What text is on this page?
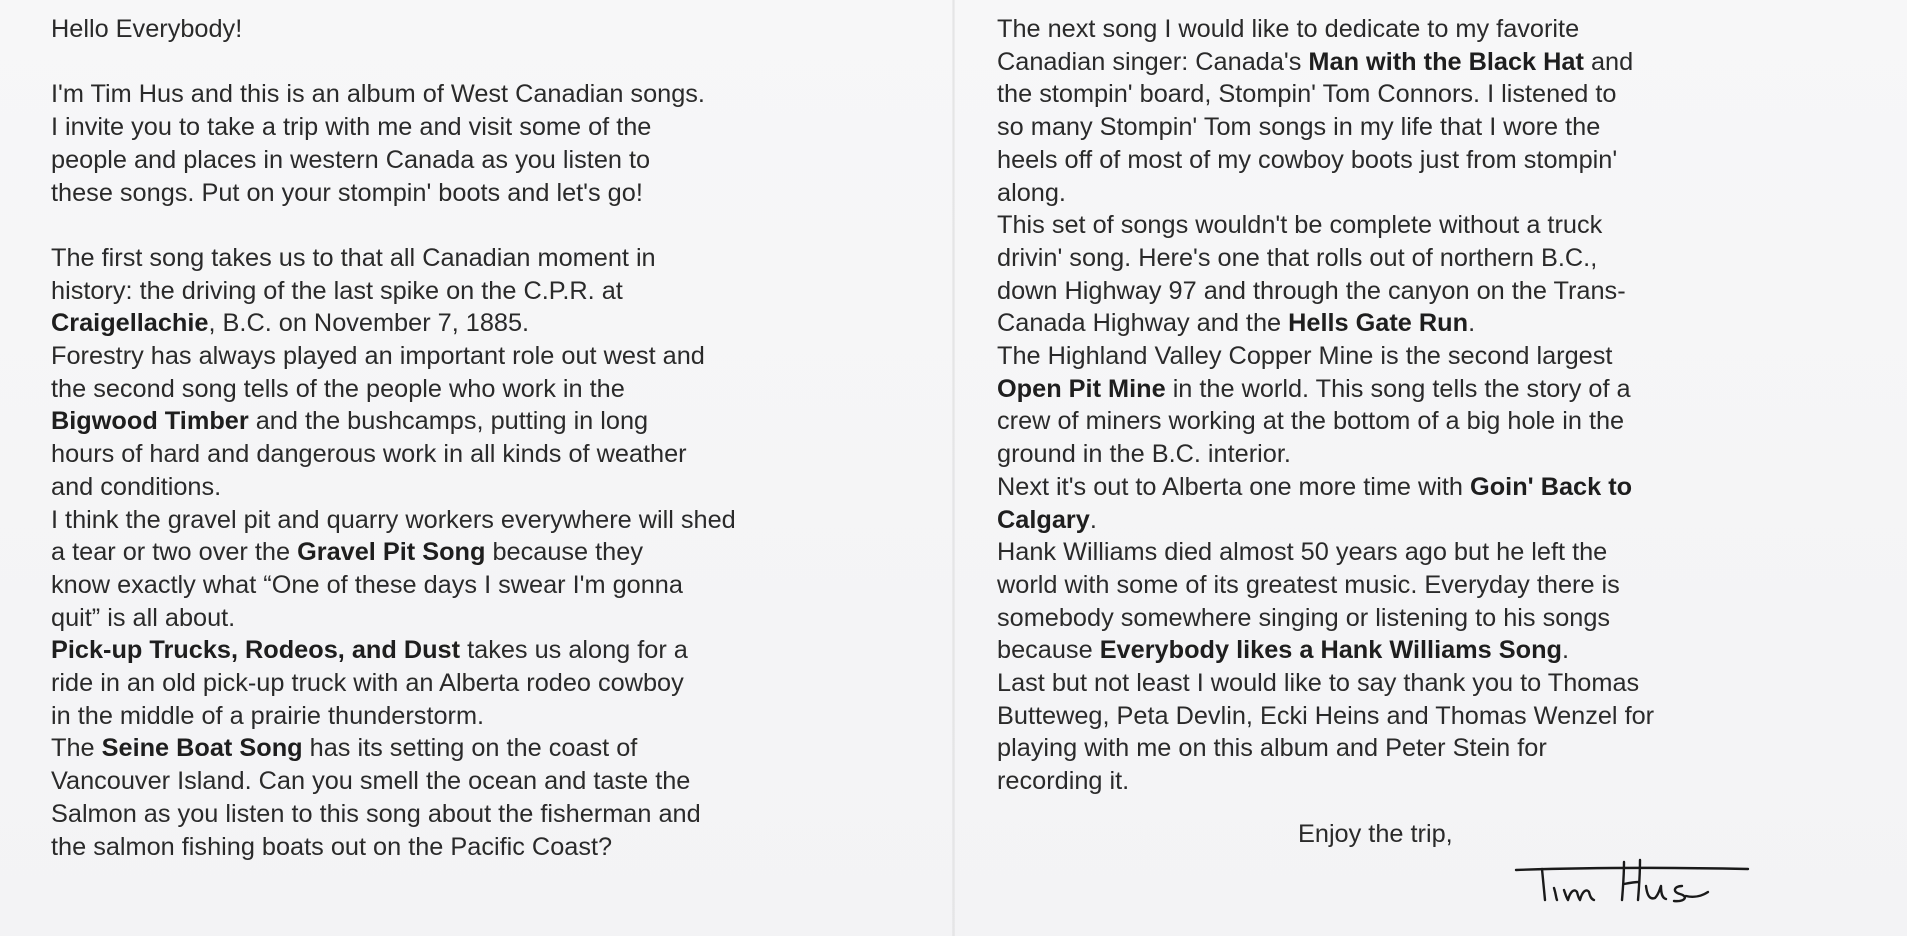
Hello Everybody!

I'm Tim Hus and this is an album of West Canadian songs.
I invite you to take a trip with me and visit some of the
people and places in western Canada as you listen to
these songs. Put on your stompin' boots and let's go!

The first song takes us to that all Canadian moment in
history: the driving of the last spike on the C.P.R. at
Craigellachie, B.C. on November 7, 1885.

Forestry has always played an important role out west and
the second song tells of the people who work in the
Bigwood Timber and the bushcamps, putting in long
hours of hard and dangerous work in all kinds of weather
and conditions.

I think the gravel pit and quarry workers everywhere will shed
a tear or two over the Gravel Pit Song because they
know exactly what “One of these days I swear I'm gonna
quit” is all about.

Pick-up Trucks, Rodeos, and Dust takes us along for a
ride in an old pick-up truck with an Alberta rodeo cowboy
in the middle of a prairie thunderstorm.

The Seine Boat Song has its setting on the coast of
Vancouver Island. Can you smell the ocean and taste the
Salmon as you listen to this song about the fisherman and
the salmon fishing boats out on the Pacific Coast?

The next song I would like to dedicate to my favorite
Canadian singer: Canada's Man with the Black Hat and
the stompin' board, Stompin' Tom Connors. I listened to
so many Stompin' Tom songs in my life that I wore the
heels off of most of my cowboy boots just from stompin'
along.

This set of songs wouldn't be complete without a truck
drivin' song. Here's one that rolls out of northern B.C.,
down Highway 97 and through the canyon on the Trans-
Canada Highway and the Hells Gate Run.

The Highland Valley Copper Mine is the second largest
Open Pit Mine in the world. This song tells the story of a
crew of miners working at the bottom of a big hole in the
ground in the B.C. interior.

Next it's out to Alberta one more time with Goin' Back to
Calgary.

Hank Williams died almost 50 years ago but he left the
world with some of its greatest music. Everyday there is
somebody somewhere singing or listening to his songs
because Everybody likes a Hank Williams Song.

Last but not least I would like to say thank you to Thomas
Butteweg, Peta Devlin, Ecki Heins and Thomas Wenzel for
playing with me on this album and Peter Stein for
recording it.

Enjoy the trip,
